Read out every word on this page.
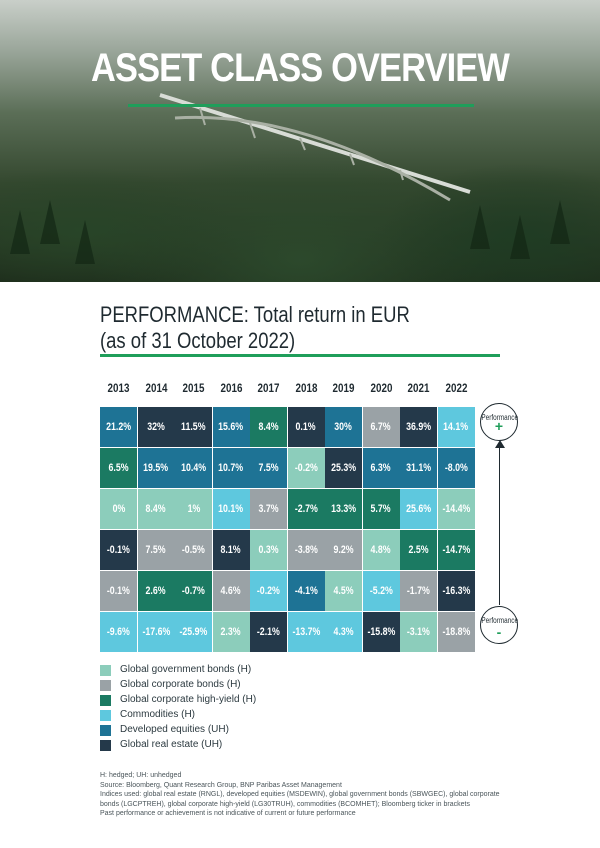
ASSET CLASS OVERVIEW
PERFORMANCE: Total return in EUR
(as of 31 October 2022)
2013	2014	2015	2016	2017	2018	2019	2020	2021	2022
21.2% 32% 11.5% 15.6% 8.4% 0.1% 30% 6.7% 36.9% 14.1%
6.5% 19.5% 10.4% 10.7% 7.5% -0.2% 25.3% 6.3% 31.1% -8.0%
0% 8.4% 1% 10.1% 3.7% -2.7% 13.3% 5.7% 25.6% -14.4%
-0.1% 7.5% -0.5% 8.1% 0.3% -3.8% 9.2% 4.8% 2.5% -14.7%
-0.1% 2.6% -0.7% 4.6% -0.2% -4.1% 4.5% -5.2% -1.7% -16.3%
-9.6% -17.6% -25.9% 2.3% -2.1% -13.7% 4.3% -15.8% -3.1% -18.8%
Performance
+
Performance
-
Global government bonds (H)
Global corporate bonds (H)
Global corporate high-yield (H)
Commodities (H)
Developed equities (UH)
Global real estate (UH)
H: hedged; UH: unhedged
Source: Bloomberg, Quant Research Group, BNP Paribas Asset Management
Indices used: global real estate (RNGL), developed equities (MSDEWIN), global government bonds (SBWGEC), global corporate bonds (LGCPTREH), global corporate high-yield (LG30TRUH), commodities (BCOMHET); Bloomberg ticker in brackets
Past performance or achievement is not indicative of current or future performance
